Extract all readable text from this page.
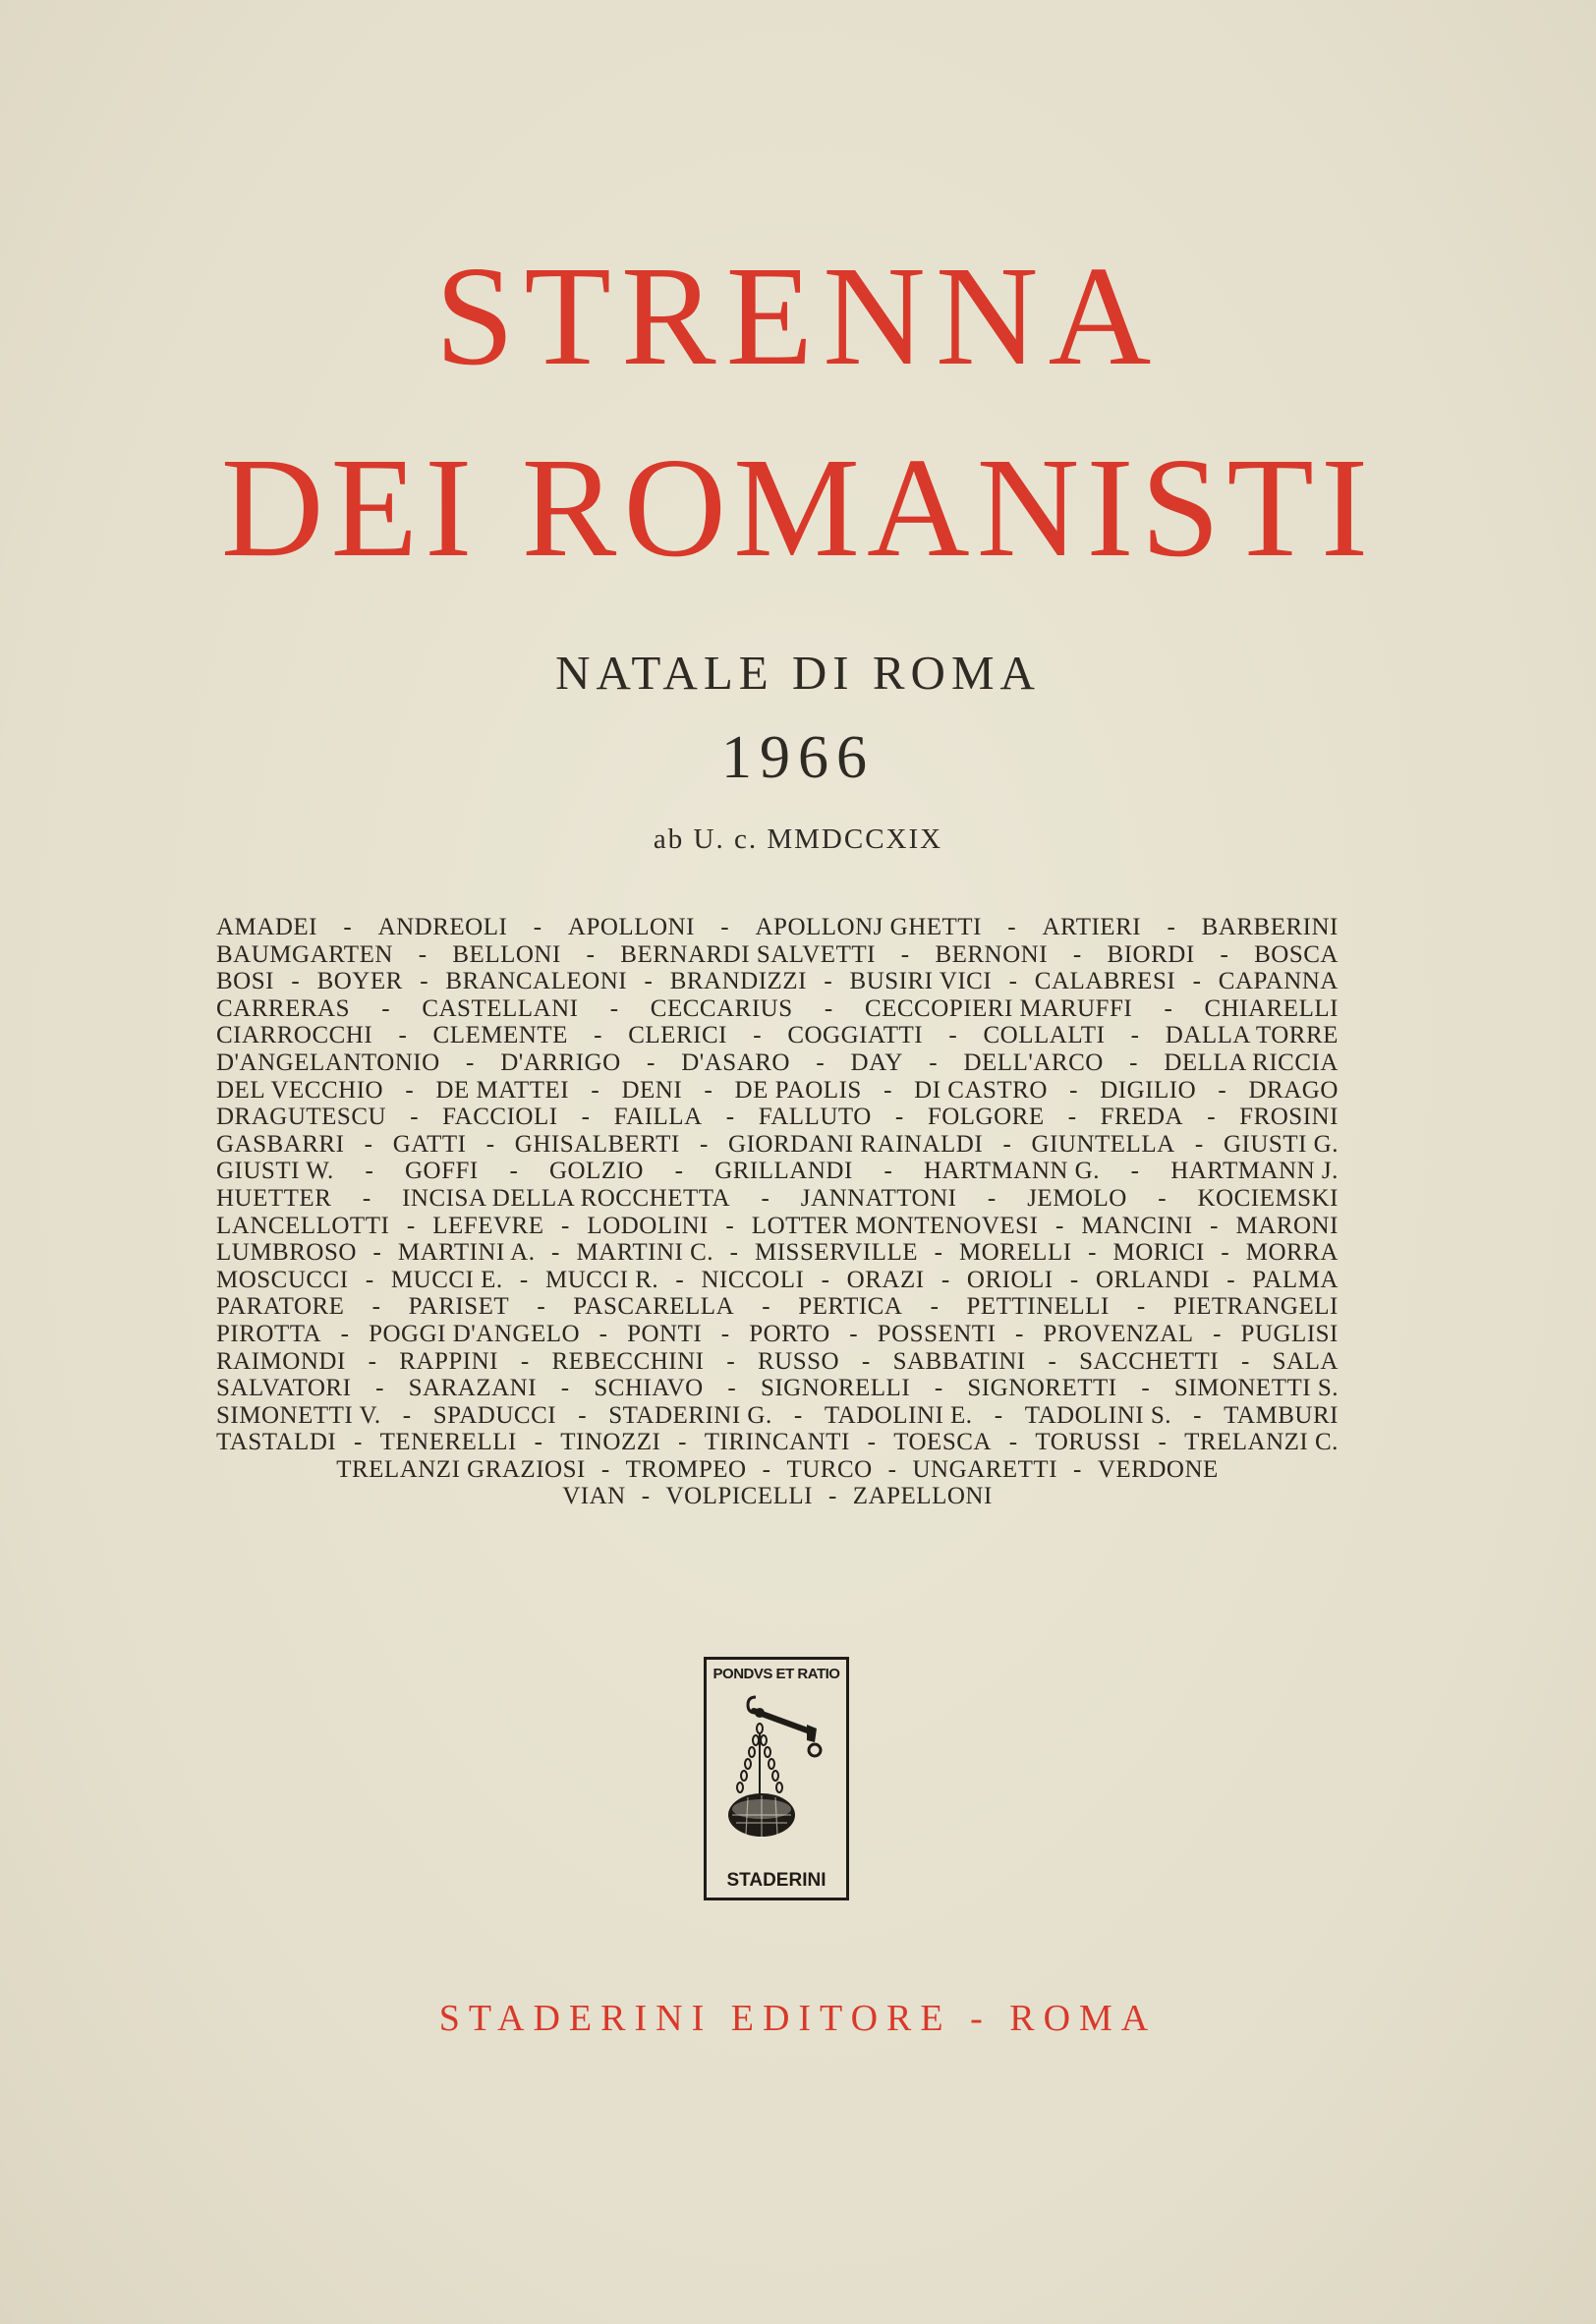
STRENNA
DEI ROMANISTI

NATALE DI ROMA

1966

ab U. c. MMDCCXIX

AMADEI - ANDREOLI - APOLLONI - APOLLONJ GHETTI - ARTIERI - BARBERINI
BAUMGARTEN - BELLONI - BERNARDI SALVETTI - BERNONI - BIORDI - BOSCA
BOSI - BOYER - BRANCALEONI - BRANDIZZI - BUSIRI VICI - CALABRESI - CAPANNA
CARRERAS - CASTELLANI - CECCARIUS - CECCOPIERI MARUFFI - CHIARELLI
CIARROCCHI - CLEMENTE - CLERICI - COGGIATTI - COLLALTI - DALLA TORRE
D'ANGELANTONIO - D'ARRIGO - D'ASARO - DAY - DELL'ARCO - DELLA RICCIA
DEL VECCHIO - DE MATTEI - DENI - DE PAOLIS - DI CASTRO - DIGILIO - DRAGO
DRAGUTESCU - FACCIOLI - FAILLA - FALLUTO - FOLGORE - FREDA - FROSINI
GASBARRI - GATTI - GHISALBERTI - GIORDANI RAINALDI - GIUNTELLA - GIUSTI G.
GIUSTI W. - GOFFI - GOLZIO - GRILLANDI - HARTMANN G. - HARTMANN J.
HUETTER - INCISA DELLA ROCCHETTA - JANNATTONI - JEMOLO - KOCIEMSKI
LANCELLOTTI - LEFEVRE - LODOLINI - LOTTER MONTENOVESI - MANCINI - MARONI
LUMBROSO - MARTINI A. - MARTINI C. - MISSERVILLE - MORELLI - MORICI - MORRA
MOSCUCCI - MUCCI E. - MUCCI R. - NICCOLI - ORAZI - ORIOLI - ORLANDI - PALMA
PARATORE - PARISET - PASCARELLA - PERTICA - PETTINELLI - PIETRANGELI
PIROTTA - POGGI D'ANGELO - PONTI - PORTO - POSSENTI - PROVENZAL - PUGLISI
RAIMONDI - RAPPINI - REBECCHINI - RUSSO - SABBATINI - SACCHETTI - SALA
SALVATORI - SARAZANI - SCHIAVO - SIGNORELLI - SIGNORETTI - SIMONETTI S.
SIMONETTI V. - SPADUCCI - STADERINI G. - TADOLINI E. - TADOLINI S. - TAMBURI
TASTALDI - TENERELLI - TINOZZI - TIRINCANTI - TOESCA - TORUSSI - TRELANZI C.
TRELANZI GRAZIOSI - TROMPEO - TURCO - UNGARETTI - VERDONE
VIAN - VOLPICELLI - ZAPELLONI
PONDVS ET RATIO
STADERINI

STADERINI EDITORE - ROMA
